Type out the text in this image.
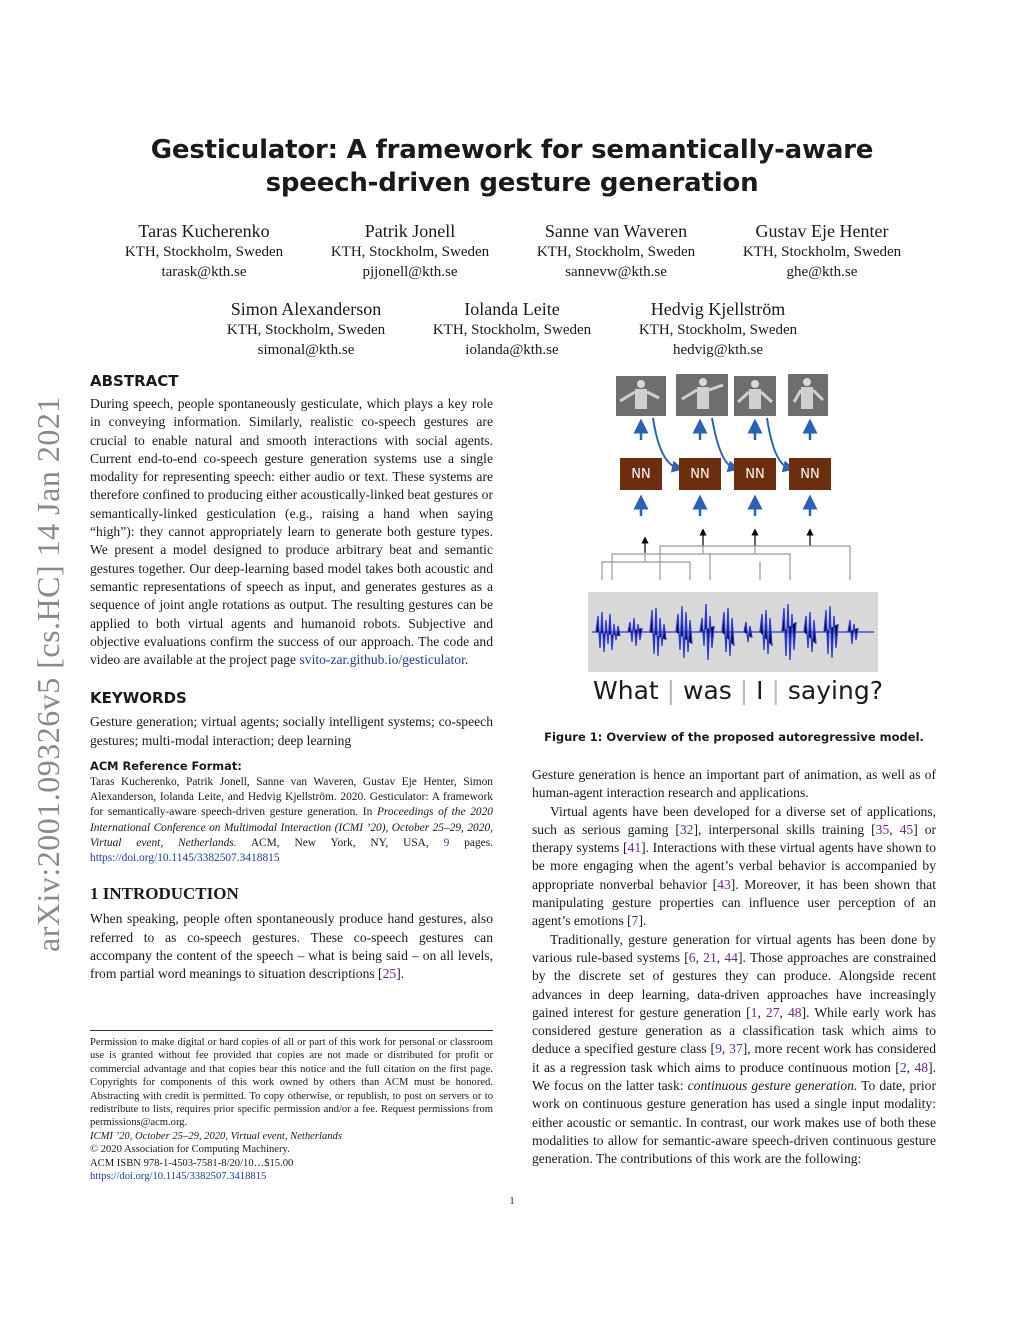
Gesticulator: A framework for semantically-aware
speech-driven gesture generation
Taras Kucherenko
KTH, Stockholm, Sweden
tarask@kth.se
Patrik Jonell
KTH, Stockholm, Sweden
pjjonell@kth.se
Sanne van Waveren
KTH, Stockholm, Sweden
sannevw@kth.se
Gustav Eje Henter
KTH, Stockholm, Sweden
ghe@kth.se
Simon Alexanderson
KTH, Stockholm, Sweden
simonal@kth.se
Iolanda Leite
KTH, Stockholm, Sweden
iolanda@kth.se
Hedvig Kjellström
KTH, Stockholm, Sweden
hedvig@kth.se
arXiv:2001.09326v5 [cs.HC] 14 Jan 2021
ABSTRACT
During speech, people spontaneously gesticulate, which plays a key role in conveying information. Similarly, realistic co-speech gestures are crucial to enable natural and smooth interactions with social agents. Current end-to-end co-speech gesture generation systems use a single modality for representing speech: either audio or text. These systems are therefore confined to producing either acoustically-linked beat gestures or semantically-linked gesticulation (e.g., raising a hand when saying “high”): they cannot appropriately learn to generate both gesture types. We present a model designed to produce arbitrary beat and semantic gestures together. Our deep-learning based model takes both acoustic and semantic representations of speech as input, and generates gestures as a sequence of joint angle rotations as output. The resulting gestures can be applied to both virtual agents and humanoid robots. Subjective and objective evaluations confirm the success of our approach. The code and video are available at the project page svito-zar.github.io/gesticulator.
KEYWORDS
Gesture generation; virtual agents; socially intelligent systems; co-speech gestures; multi-modal interaction; deep learning
ACM Reference Format:
Taras Kucherenko, Patrik Jonell, Sanne van Waveren, Gustav Eje Henter, Simon Alexanderson, Iolanda Leite, and Hedvig Kjellström. 2020. Gesticulator: A framework for semantically-aware speech-driven gesture generation. In Proceedings of the 2020 International Conference on Multimodal Interaction (ICMI ’20), October 25–29, 2020, Virtual event, Netherlands. ACM, New York, NY, USA, 9 pages. https://doi.org/10.1145/3382507.3418815
1 INTRODUCTION
When speaking, people often spontaneously produce hand gestures, also referred to as co-speech gestures. These co-speech gestures can accompany the content of the speech – what is being said – on all levels, from partial word meanings to situation descriptions [25].
Permission to make digital or hard copies of all or part of this work for personal or classroom use is granted without fee provided that copies are not made or distributed for profit or commercial advantage and that copies bear this notice and the full citation on the first page. Copyrights for components of this work owned by others than ACM must be honored. Abstracting with credit is permitted. To copy otherwise, or republish, to post on servers or to redistribute to lists, requires prior specific permission and/or a fee. Request permissions from permissions@acm.org.
ICMI ’20, October 25–29, 2020, Virtual event, Netherlands
© 2020 Association for Computing Machinery.
ACM ISBN 978-1-4503-7581-8/20/10…$15.00
https://doi.org/10.1145/3382507.3418815
NN	NN	NN	NN
What | was | I | saying?
Figure 1: Overview of the proposed autoregressive model.

Gesture generation is hence an important part of animation, as well as of human-agent interaction research and applications.

Virtual agents have been developed for a diverse set of applications, such as serious gaming [32], interpersonal skills training [35, 45] or therapy systems [41]. Interactions with these virtual agents have shown to be more engaging when the agent’s verbal behavior is accompanied by appropriate nonverbal behavior [43]. Moreover, it has been shown that manipulating gesture properties can influence user perception of an agent’s emotions [7].

Traditionally, gesture generation for virtual agents has been done by various rule-based systems [6, 21, 44]. Those approaches are constrained by the discrete set of gestures they can produce. Alongside recent advances in deep learning, data-driven approaches have increasingly gained interest for gesture generation [1, 27, 48]. While early work has considered gesture generation as a classification task which aims to deduce a specified gesture class [9, 37], more recent work has considered it as a regression task which aims to produce continuous motion [2, 48]. We focus on the latter task: continuous gesture generation. To date, prior work on continuous gesture generation has used a single input modality: either acoustic or semantic. In contrast, our work makes use of both these modalities to allow for semantic-aware speech-driven continuous gesture generation. The contributions of this work are the following:

1
